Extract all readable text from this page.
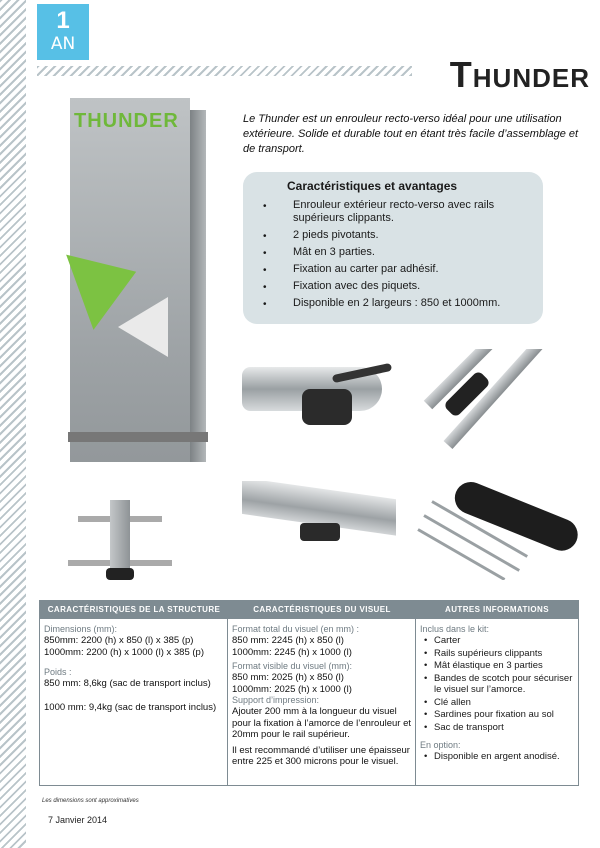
1
AN
THUNDER

Le Thunder est un enrouleur recto-verso idéal pour une utilisation extérieure. Solide et durable tout en étant très facile d’assemblage et de transport.

Caractéristiques et avantages
• Enrouleur extérieur recto-verso avec rails supérieurs clippants.
• 2 pieds pivotants.
• Mât en 3 parties.
• Fixation au carter par adhésif.
• Fixation avec des piquets.
• Disponible en 2 largeurs : 850 et 1000mm.
THUNDER
CARACTÉRISTIQUES DE LA STRUCTURE	CARACTÉRISTIQUES DU VISUEL	AUTRES INFORMATIONS
Dimensions (mm):
850mm: 2200 (h) x 850 (l) x 385 (p)
1000mm: 2200 (h) x 1000 (l) x 385 (p)
Poids :
850 mm: 8,6kg (sac de transport inclus)
1000 mm: 9,4kg (sac de transport inclus)
Format total du visuel (en mm) :
850 mm: 2245 (h) x 850 (l)
1000mm: 2245 (h) x 1000 (l)
Format visible du visuel (mm):
850 mm: 2025 (h) x 850 (l)
1000mm: 2025 (h) x 1000 (l)
Support d’impression:
Ajouter 200 mm à la longueur du visuel pour la fixation à l’amorce de l’enrouleur et 20mm pour le rail supérieur.
Il est recommandé d’utiliser une épaisseur entre 225 et 300 microns pour le visuel.
Inclus dans le kit:
• Carter
• Rails supérieurs clippants
• Mât élastique en 3 parties
• Bandes de scotch pour sécuriser le visuel sur l’amorce.
• Clé allen
• Sardines pour fixation au sol
• Sac de transport
En option:
• Disponible en argent anodisé.
Les dimensions sont approximatives
7 Janvier 2014
